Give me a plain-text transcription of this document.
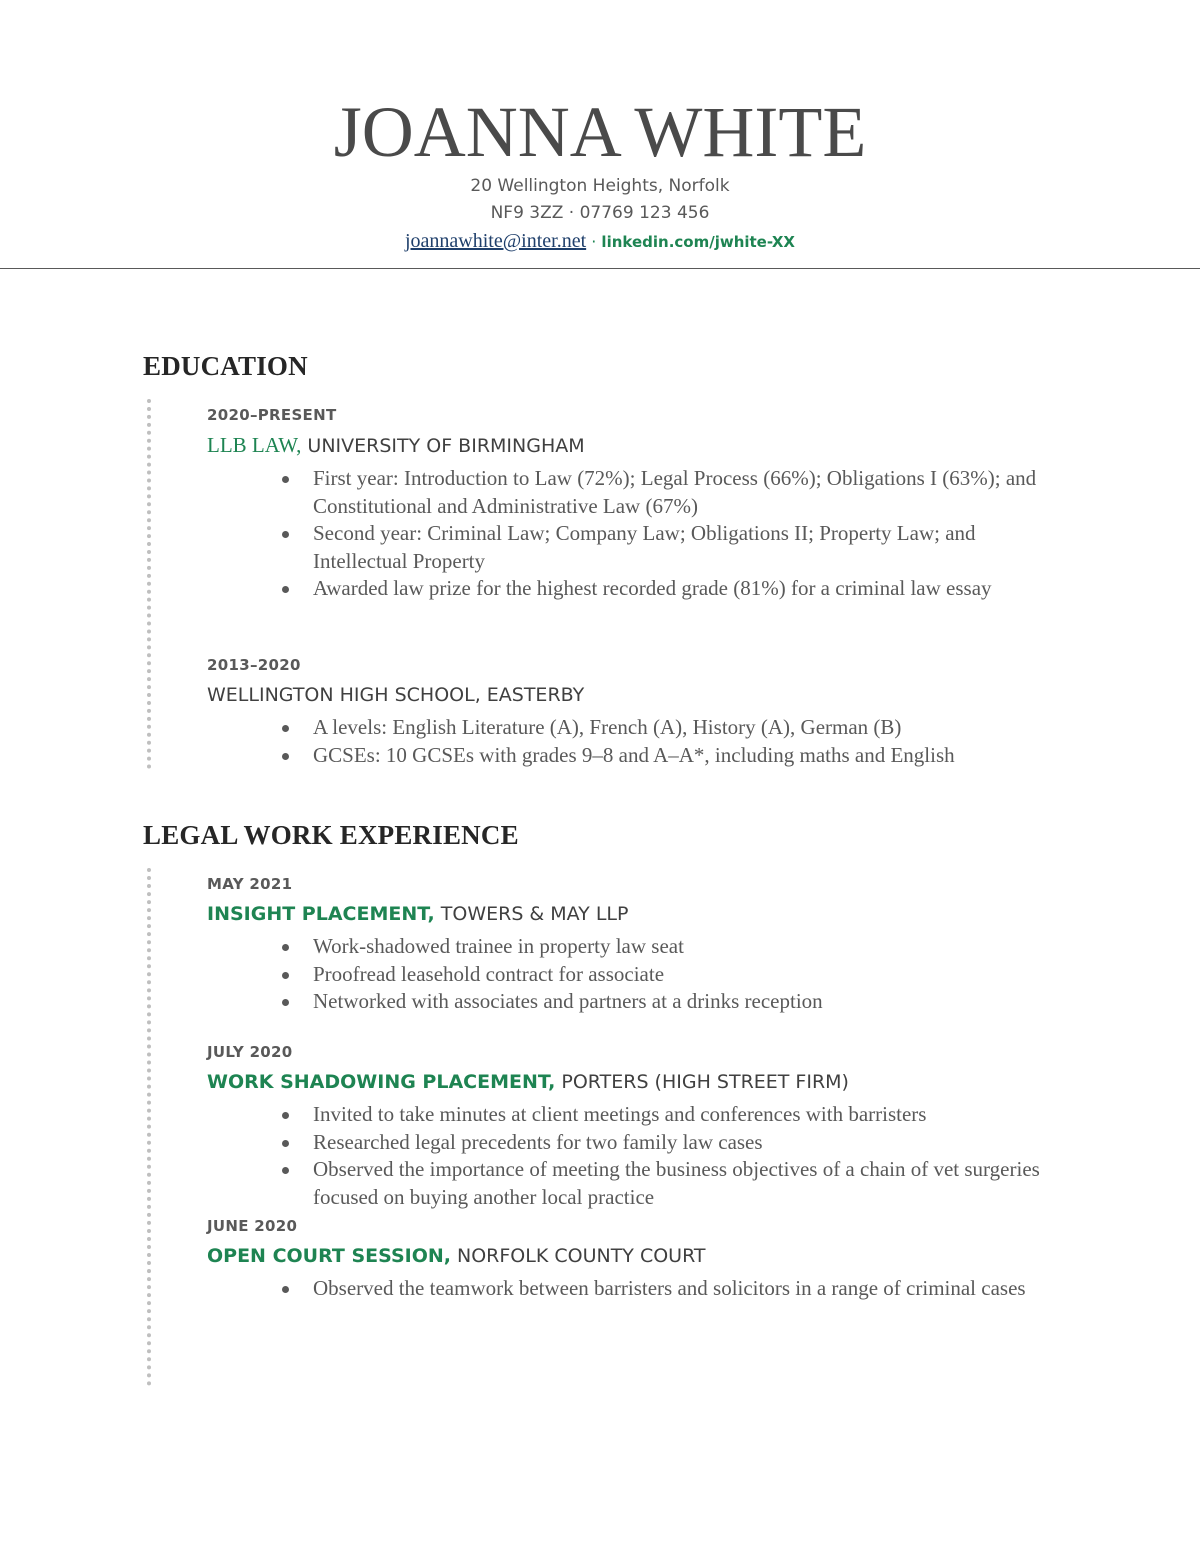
JOANNA WHITE
20 Wellington Heights, Norfolk
NF9 3ZZ · 07769 123 456
joannawhite@inter.net · linkedin.com/jwhite-XX
EDUCATION
2020–PRESENT
LLB LAW, UNIVERSITY OF BIRMINGHAM
First year: Introduction to Law (72%); Legal Process (66%); Obligations I (63%); and Constitutional and Administrative Law (67%)
Second year: Criminal Law; Company Law; Obligations II; Property Law; and Intellectual Property
Awarded law prize for the highest recorded grade (81%) for a criminal law essay
2013–2020
WELLINGTON HIGH SCHOOL, EASTERBY
A levels: English Literature (A), French (A), History (A), German (B)
GCSEs: 10 GCSEs with grades 9–8 and A–A*, including maths and English
LEGAL WORK EXPERIENCE
MAY 2021
INSIGHT PLACEMENT, TOWERS & MAY LLP
Work-shadowed trainee in property law seat
Proofread leasehold contract for associate
Networked with associates and partners at a drinks reception
JULY 2020
WORK SHADOWING PLACEMENT, PORTERS (HIGH STREET FIRM)
Invited to take minutes at client meetings and conferences with barristers
Researched legal precedents for two family law cases
Observed the importance of meeting the business objectives of a chain of vet surgeries focused on buying another local practice
JUNE 2020
OPEN COURT SESSION, NORFOLK COUNTY COURT
Observed the teamwork between barristers and solicitors in a range of criminal cases
